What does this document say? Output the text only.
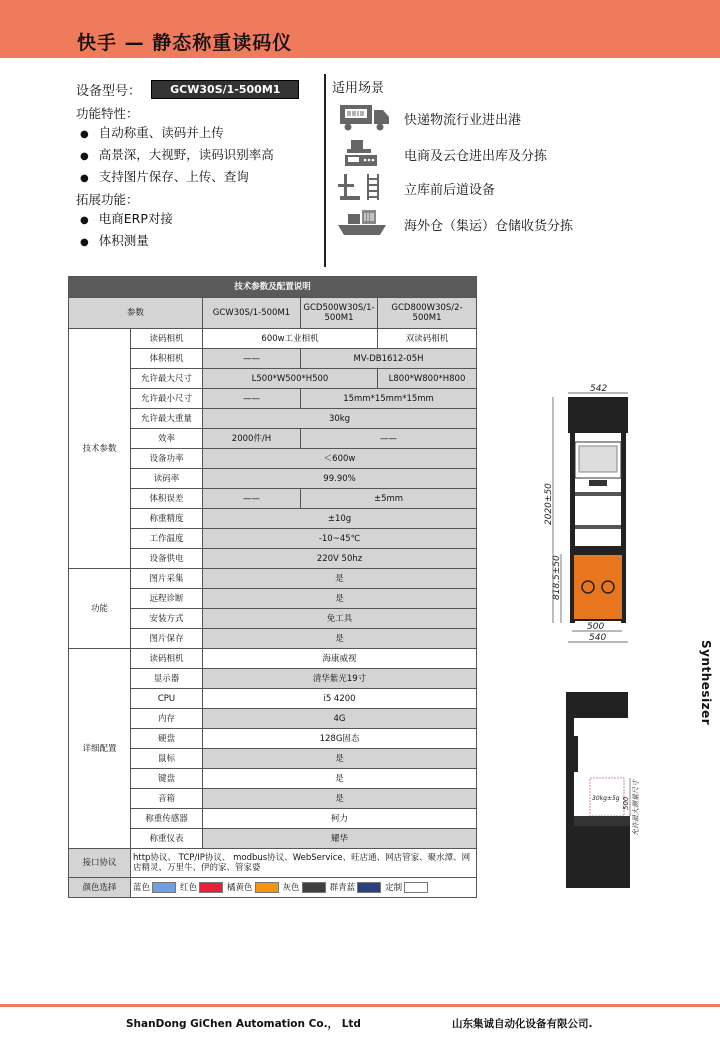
快手 — 静态称重读码仪
设备型号：	GCW30S/1-500M1
功能特性：
● 自动称重、读码并上传
● 高景深，大视野，读码识别率高
● 支持图片保存、上传、查询
拓展功能：
● 电商ERP对接
● 体积测量
适用场景
快递物流行业进出港
电商及云仓进出库及分拣
立库前后道设备
海外仓（集运）仓储收货分拣
技术参数及配置说明				
参数		GCW30S/1-500M1	GCD500W30S/1-500M1	GCD800W30S/2-500M1
技术参数	读码相机	600w工业相机		双读码相机
	体积相机	——	MV-DB1612-05H	
	允许最大尺寸	L500*W500*H500		L800*W800*H800
	允许最小尺寸	——	15mm*15mm*15mm	
	允许最大重量	30kg		
	效率	2000件/H	——	
	设备功率	＜600w		
	读码率	99.90%		
	体积误差	——	±5mm	
	称重精度	±10g		
	工作温度	-10~45℃		
	设备供电	220V 50hz		
功能	图片采集	是		
	远程诊断	是		
	安装方式	免工具		
	图片保存	是		
详细配置	读码相机	海康威视		
	显示器	清华紫光19寸		
	CPU	i5 4200		
	内存	4G		
	硬盘	128G固态		
	鼠标	是		
	键盘	是		
	音箱	是		
	称重传感器	柯力		
	称重仪表	耀华		
接口协议	http协议、 TCP/IP协议、 modbus协议、WebService、旺店通、网店管家、聚水潭、网店精灵、万里牛、伊的家、管家婆			
颜色选择	蓝色 红色 橘黄色 灰色 群青蓝 定制			
542
2020±50
818.5±50
500
540
30kg±5g 500 允许最大测量尺寸
400
Synthesizer
ShanDong GiChen Automation Co.， Ltd	山东集诚自动化设备有限公司.
